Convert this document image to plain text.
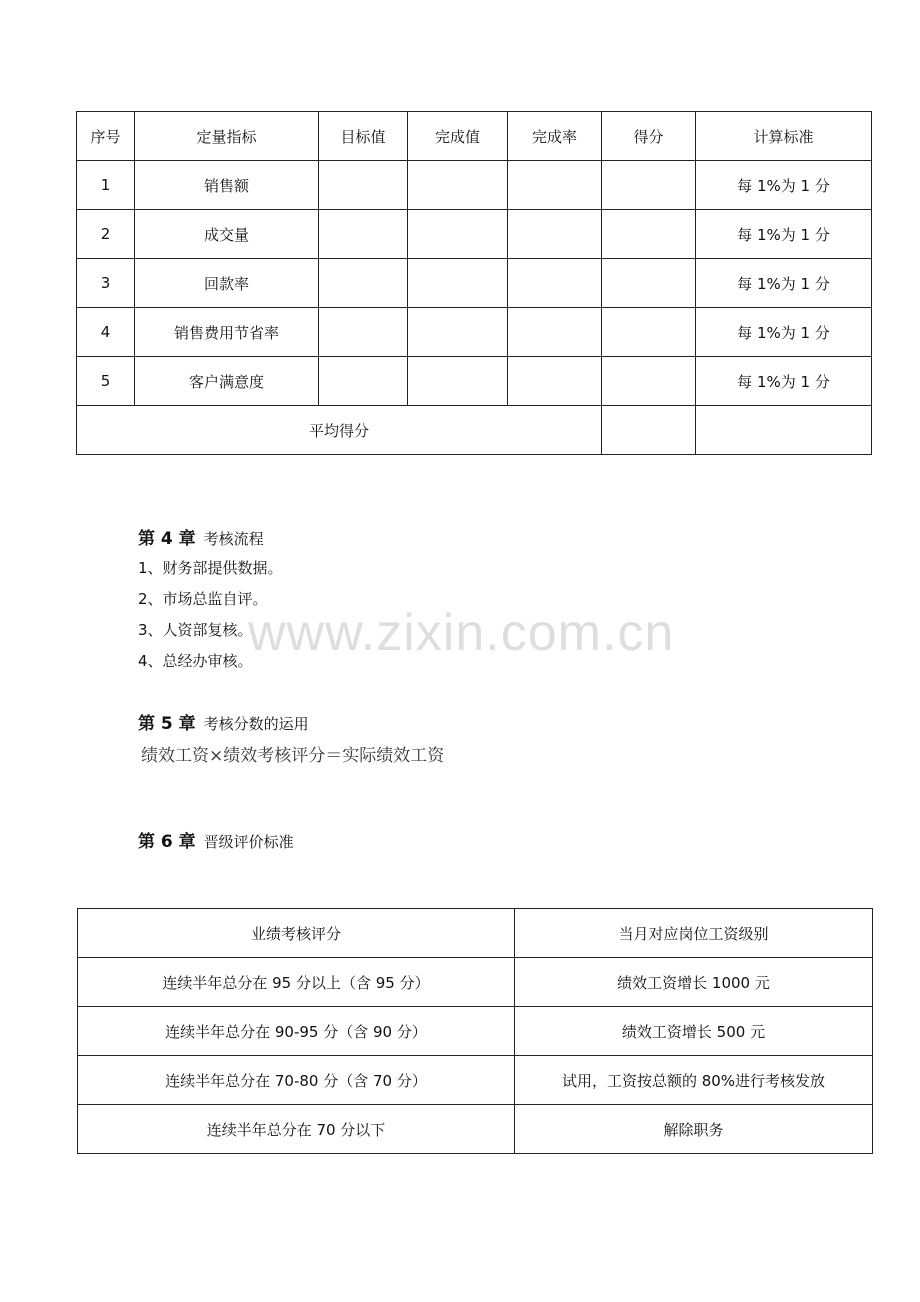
序号	定量指标	目标值	完成值	完成率	得分	计算标准
1	销售额					每 1%为 1 分
2	成交量					每 1%为 1 分
3	回款率					每 1%为 1 分
4	销售费用节省率					每 1%为 1 分
5	客户满意度					每 1%为 1 分
平均得分						
第 4 章 考核流程
1、财务部提供数据。
2、市场总监自评。
3、人资部复核。
4、总经办审核。
www.zixin.com.cn
第 5 章 考核分数的运用
绩效工资×绩效考核评分＝实际绩效工资
第 6 章 晋级评价标准
业绩考核评分	当月对应岗位工资级别
连续半年总分在 95 分以上（含 95 分）	绩效工资增长 1000 元
连续半年总分在 90-95 分（含 90 分）	绩效工资增长 500 元
连续半年总分在 70-80 分（含 70 分）	试用，工资按总额的 80%进行考核发放
连续半年总分在 70 分以下	解除职务
